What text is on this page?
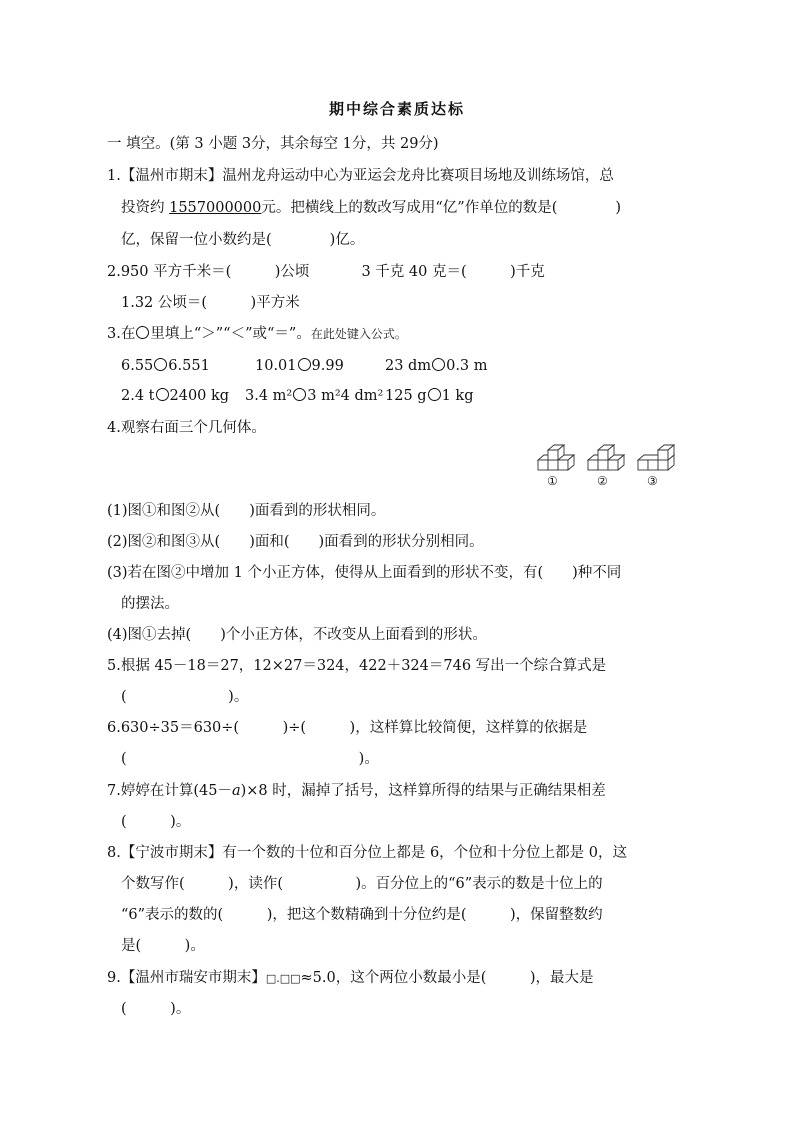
期中综合素质达标
一 填空。(第 3 小题 3分，其余每空 1分，共 29分)
1.【温州市期末】温州龙舟运动中心为亚运会龙舟比赛项目场地及训练场馆，总
投资约 1557000000元。把横线上的数改写成用“亿”作单位的数是(　　　　)
亿，保留一位小数约是(　　　　)亿。
2.950 平方千米＝(　　　)公顷	3 千克 40 克＝(　　　)千克
1.32 公顷＝(　　　)平方米
3.在 里填上“＞”“＜”或“＝”。在此处键入公式。
6.55 6.551	10.01 9.99	23 dm 0.3 m
2.4 t 2400 kg 3.4 m² 3 m²4 dm² 125 g 1 kg
4.观察右面三个几何体。
①	②	③
(1)图①和图②从(　　)面看到的形状相同。
(2)图②和图③从(　　)面和(　　)面看到的形状分别相同。
(3)若在图②中增加 1 个小正方体，使得从上面看到的形状不变，有(　　)种不同
的摆法。
(4)图①去掉(　　)个小正方体，不改变从上面看到的形状。
5.根据 45－18＝27，12×27＝324，422＋324＝746 写出一个综合算式是
(　　　　　　　)。
6.630÷35＝630÷(　　　)÷(　　　)，这样算比较简便，这样算的依据是
(　　　　　　　　　　　　　　　　)。
7.婷婷在计算(45－a)×8 时，漏掉了括号，这样算所得的结果与正确结果相差
(　　　)。
8.【宁波市期末】有一个数的十位和百分位上都是 6，个位和十分位上都是 0，这
个数写作(　　　)，读作(　　　　　)。百分位上的“6”表示的数是十位上的
“6”表示的数的(　　　)，把这个数精确到十分位约是(　　　)，保留整数约
是(　　　)。
9.【温州市瑞安市期末】□.□□≈5.0，这个两位小数最小是(　　　)，最大是
(　　　)。
